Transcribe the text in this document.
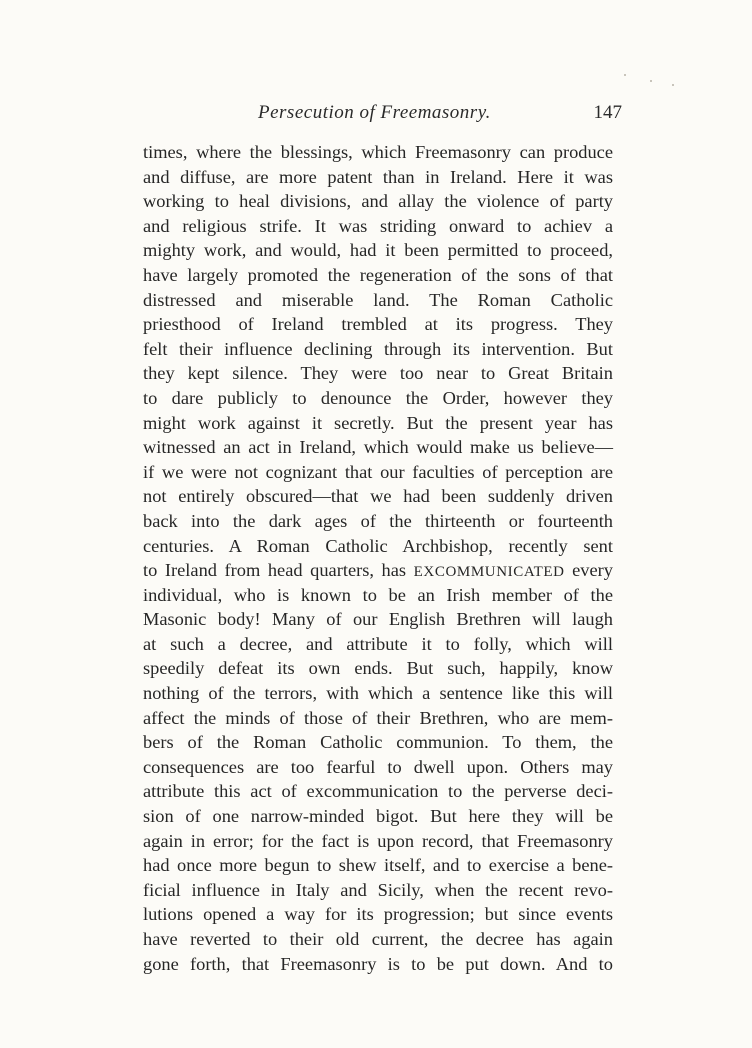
Persecution of Freemasonry.	147
times, where the blessings, which Freemasonry can produce
and diffuse, are more patent than in Ireland. Here it was
working to heal divisions, and allay the violence of party
and religious strife. It was striding onward to achiev a
mighty work, and would, had it been permitted to proceed,
have largely promoted the regeneration of the sons of that
distressed and miserable land. The Roman Catholic
priesthood of Ireland trembled at its progress. They
felt their influence declining through its intervention. But
they kept silence. They were too near to Great Britain
to dare publicly to denounce the Order, however they
might work against it secretly. But the present year has
witnessed an act in Ireland, which would make us believe—
if we were not cognizant that our faculties of perception are
not entirely obscured—that we had been suddenly driven
back into the dark ages of the thirteenth or fourteenth
centuries. A Roman Catholic Archbishop, recently sent
to Ireland from head quarters, has EXCOMMUNICATED every
individual, who is known to be an Irish member of the
Masonic body! Many of our English Brethren will laugh
at such a decree, and attribute it to folly, which will
speedily defeat its own ends. But such, happily, know
nothing of the terrors, with which a sentence like this will
affect the minds of those of their Brethren, who are mem-
bers of the Roman Catholic communion. To them, the
consequences are too fearful to dwell upon. Others may
attribute this act of excommunication to the perverse deci-
sion of one narrow-minded bigot. But here they will be
again in error; for the fact is upon record, that Freemasonry
had once more begun to shew itself, and to exercise a bene-
ficial influence in Italy and Sicily, when the recent revo-
lutions opened a way for its progression; but since events
have reverted to their old current, the decree has again
gone forth, that Freemasonry is to be put down. And to
